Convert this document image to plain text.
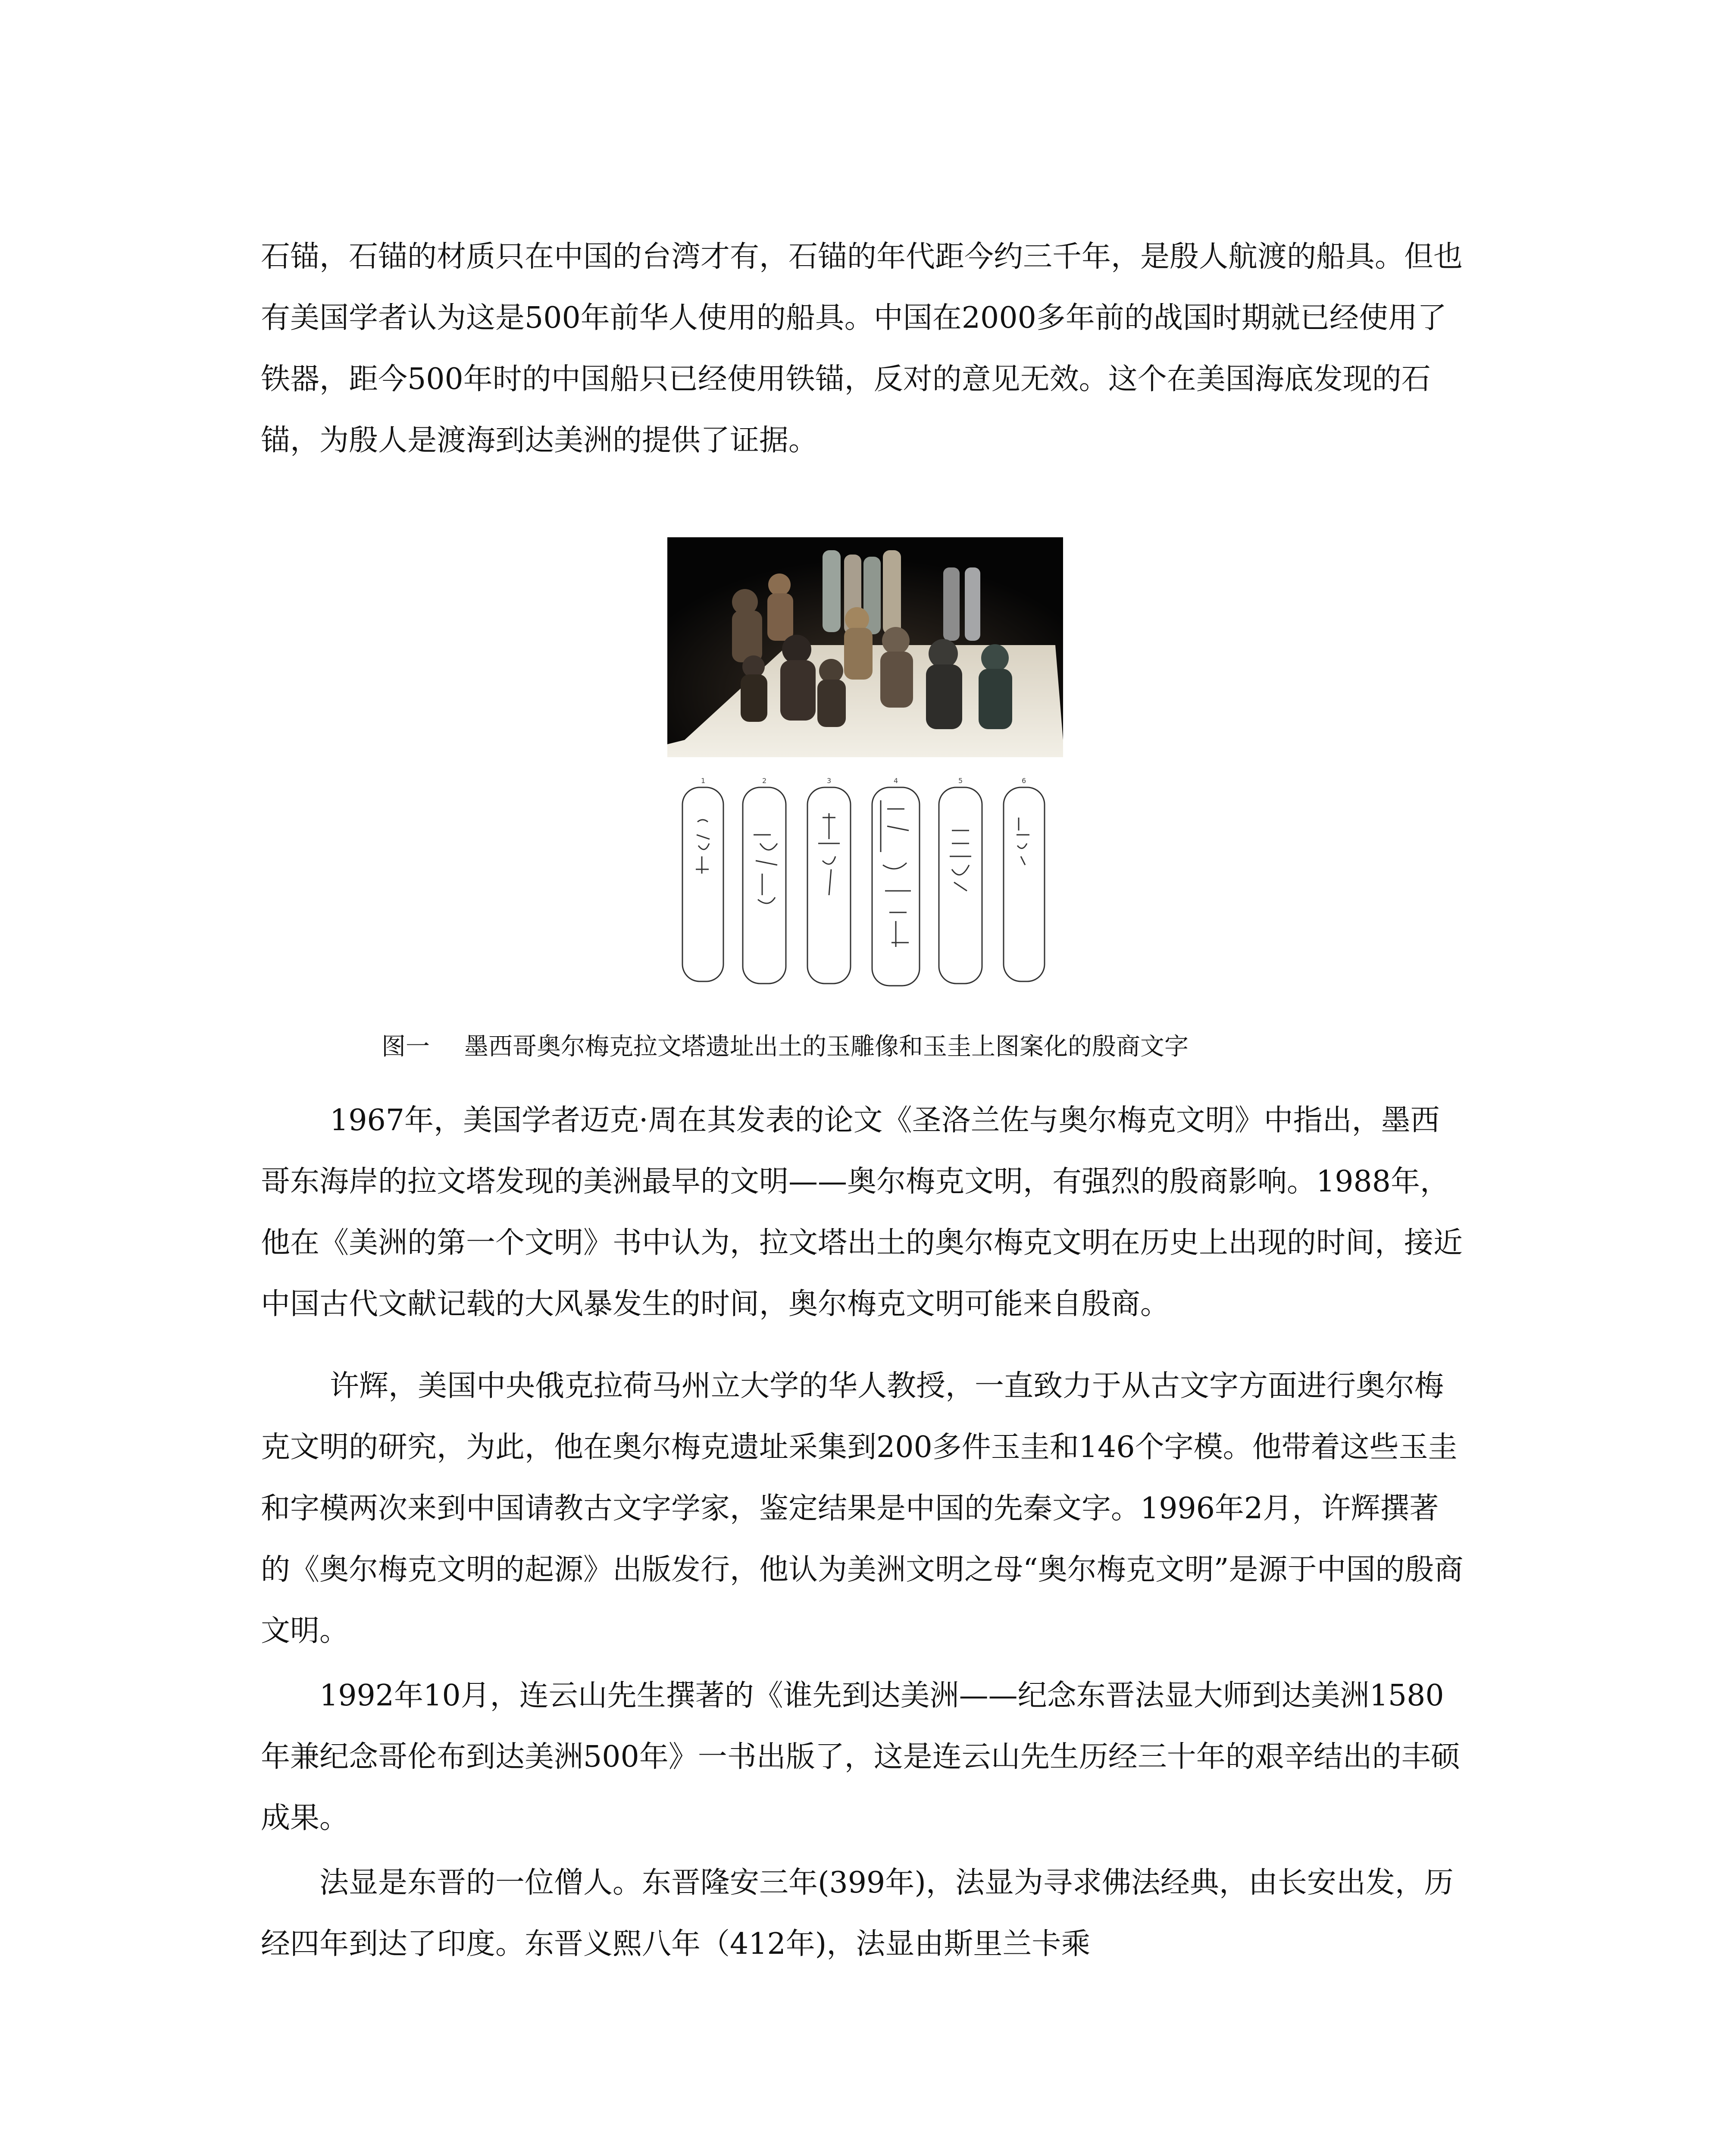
石锚，石锚的材质只在中国的台湾才有，石锚的年代距今约三千年，是殷人航渡的船具。但也有美国学者认为这是500年前华人使用的船具。中国在2000多年前的战国时期就已经使用了铁器，距今500年时的中国船只已经使用铁锚，反对的意见无效。这个在美国海底发现的石锚，为殷人是渡海到达美洲的提供了证据。

1	2	3	4	5	6
图一 墨西哥奥尔梅克拉文塔遗址出土的玉雕像和玉圭上图案化的殷商文字

1967年，美国学者迈克·周在其发表的论文《圣洛兰佐与奥尔梅克文明》中指出，墨西哥东海岸的拉文塔发现的美洲最早的文明——奥尔梅克文明，有强烈的殷商影响。1988年，他在《美洲的第一个文明》书中认为，拉文塔出土的奥尔梅克文明在历史上出现的时间，接近中国古代文献记载的大风暴发生的时间，奥尔梅克文明可能来自殷商。

许辉，美国中央俄克拉荷马州立大学的华人教授，一直致力于从古文字方面进行奥尔梅克文明的研究，为此，他在奥尔梅克遗址采集到200多件玉圭和146个字模。他带着这些玉圭和字模两次来到中国请教古文字学家，鉴定结果是中国的先秦文字。1996年2月，许辉撰著的《奥尔梅克文明的起源》出版发行，他认为美洲文明之母“奥尔梅克文明”是源于中国的殷商文明。

1992年10月，连云山先生撰著的《谁先到达美洲——纪念东晋法显大师到达美洲1580年兼纪念哥伦布到达美洲500年》一书出版了，这是连云山先生历经三十年的艰辛结出的丰硕成果。

法显是东晋的一位僧人。东晋隆安三年(399年)，法显为寻求佛法经典，由长安出发，历经四年到达了印度。东晋义熙八年（412年)，法显由斯里兰卡乘
